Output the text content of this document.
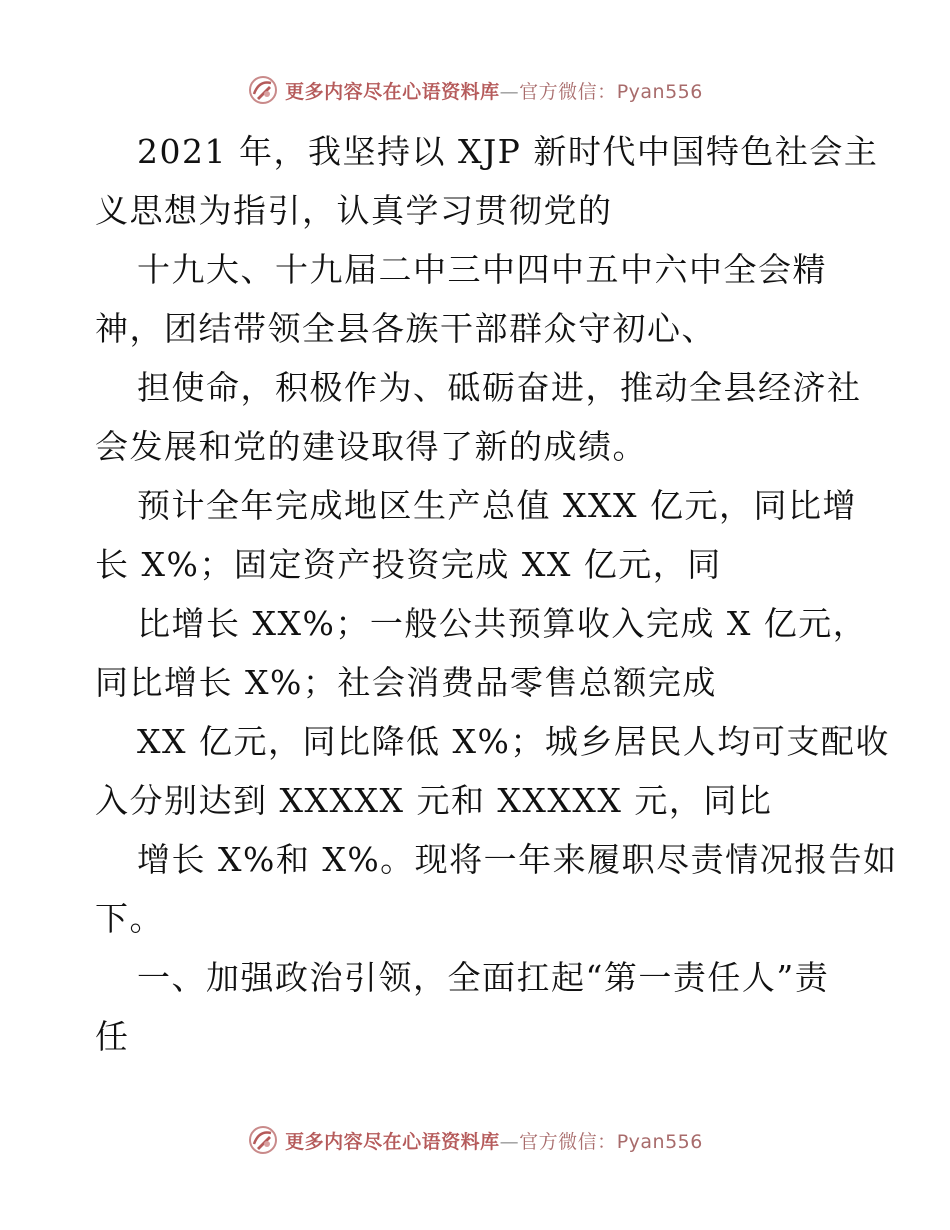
更多内容尽在心语资料库—官方微信：Pyan556

2021 年，我坚持以 XJP 新时代中国特色社会主

义思想为指引，认真学习贯彻党的

十九大、十九届二中三中四中五中六中全会精

神，团结带领全县各族干部群众守初心、

担使命，积极作为、砥砺奋进，推动全县经济社

会发展和党的建设取得了新的成绩。

预计全年完成地区生产总值 XXX 亿元，同比增

长 X%；固定资产投资完成 XX 亿元，同

比增长 XX%；一般公共预算收入完成 X 亿元，

同比增长 X%；社会消费品零售总额完成

XX 亿元，同比降低 X%；城乡居民人均可支配收

入分别达到 XXXXX 元和 XXXXX 元，同比

增长 X%和 X%。现将一年来履职尽责情况报告如

下。

一、加强政治引领，全面扛起“第一责任人”责

任

更多内容尽在心语资料库—官方微信：Pyan556
